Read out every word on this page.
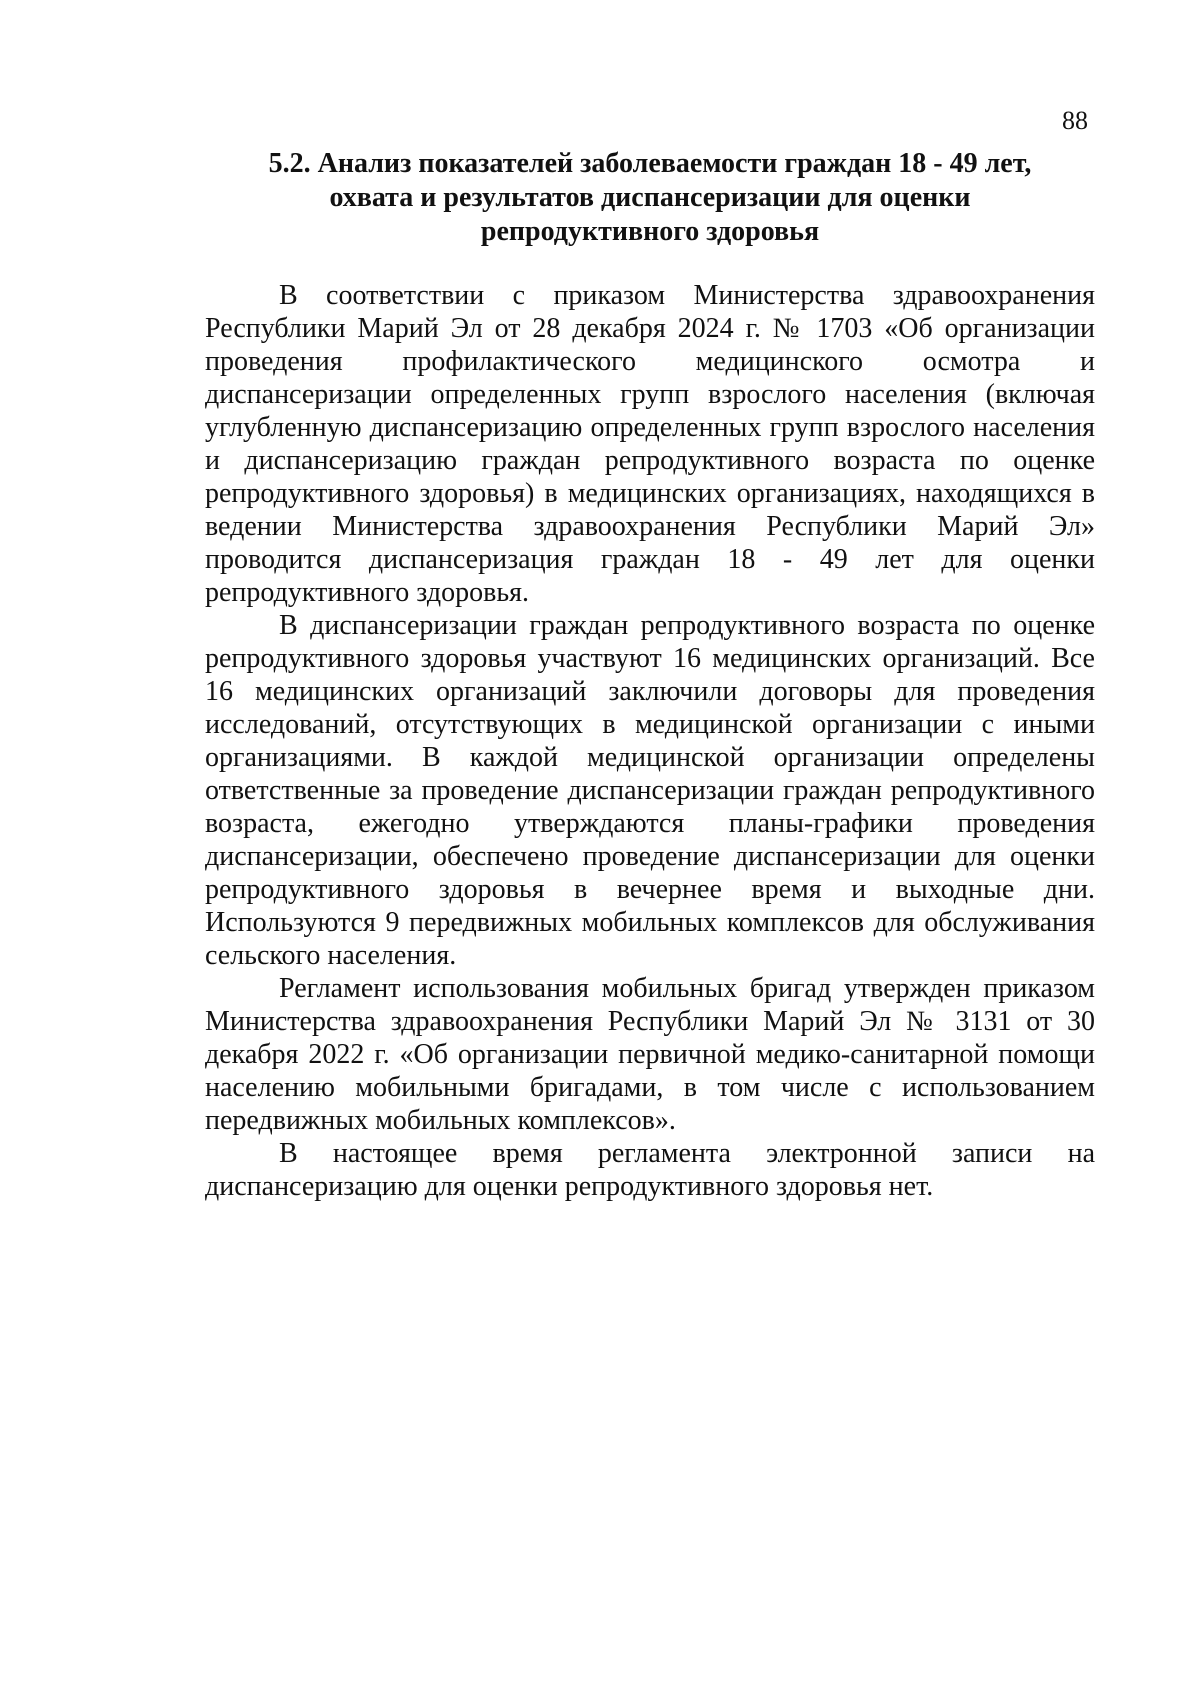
88
5.2. Анализ показателей заболеваемости граждан 18 - 49 лет,
охвата и результатов диспансеризации для оценки
репродуктивного здоровья

В соответствии с приказом Министерства здравоохранения Республики Марий Эл от 28 декабря 2024 г. № 1703 «Об организации проведения профилактического медицинского осмотра и диспансеризации определенных групп взрослого населения (включая углубленную диспансеризацию определенных групп взрослого населения и диспансеризацию граждан репродуктивного возраста по оценке репродуктивного здоровья) в медицинских организациях, находящихся в ведении Министерства здравоохранения Республики Марий Эл» проводится диспансеризация граждан 18 - 49 лет для оценки репродуктивного здоровья.

В диспансеризации граждан репродуктивного возраста по оценке репродуктивного здоровья участвуют 16 медицинских организаций. Все 16 медицинских организаций заключили договоры для проведения исследований, отсутствующих в медицинской организации с иными организациями. В каждой медицинской организации определены ответственные за проведение диспансеризации граждан репродуктивного возраста, ежегодно утверждаются планы-графики проведения диспансеризации, обеспечено проведение диспансеризации для оценки репродуктивного здоровья в вечернее время и выходные дни. Используются 9 передвижных мобильных комплексов для обслуживания сельского населения.

Регламент использования мобильных бригад утвержден приказом Министерства здравоохранения Республики Марий Эл № 3131 от 30 декабря 2022 г. «Об организации первичной медико-санитарной помощи населению мобильными бригадами, в том числе с использованием передвижных мобильных комплексов».

В настоящее время регламента электронной записи на диспансеризацию для оценки репродуктивного здоровья нет.
